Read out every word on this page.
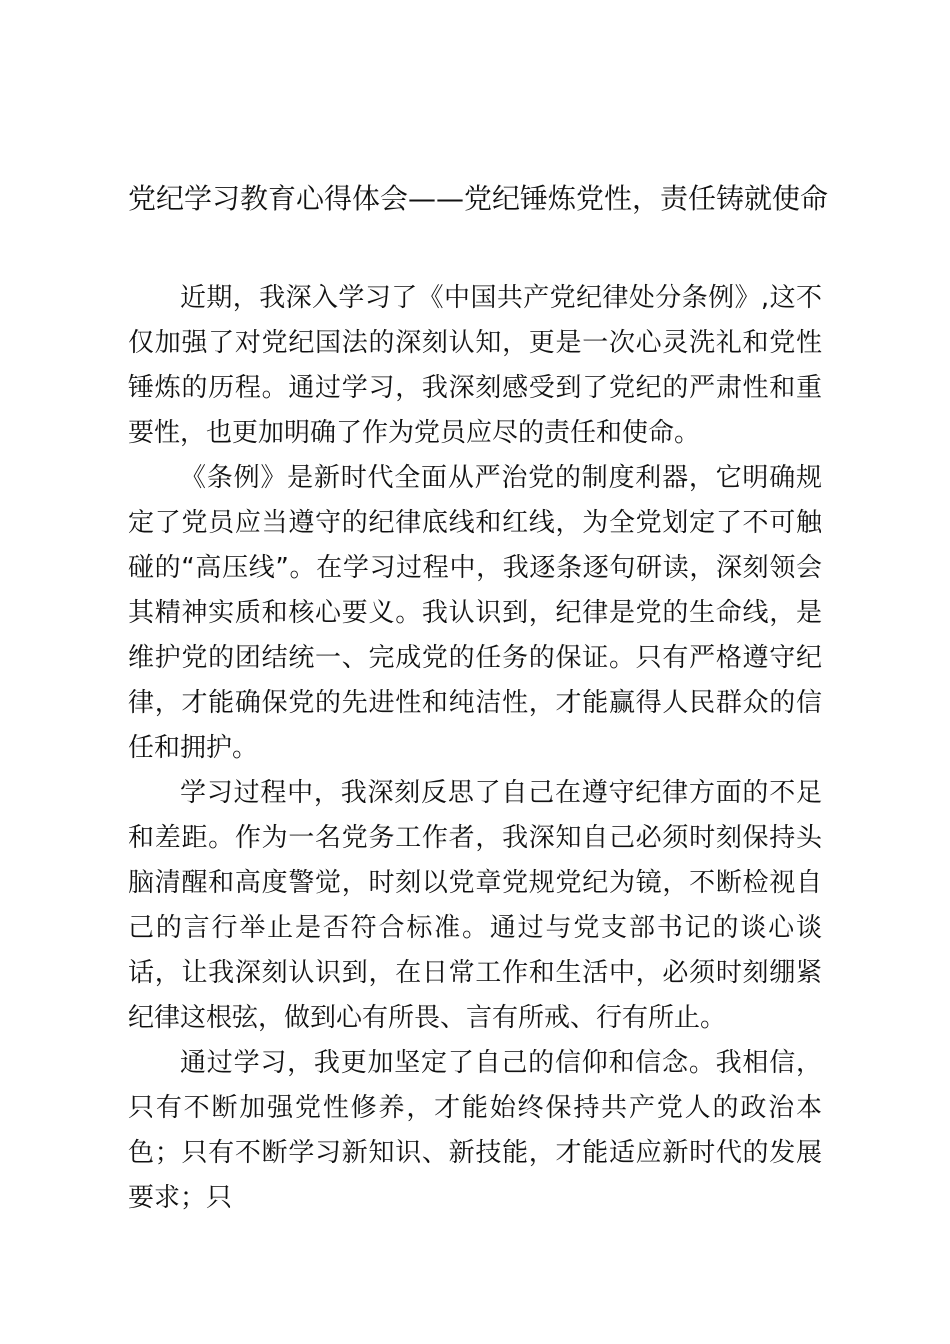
党纪学习教育心得体会——党纪锤炼党性，责任铸就使命

近期，我深入学习了《中国共产党纪律处分条例》,这不仅加强了对党纪国法的深刻认知，更是一次心灵洗礼和党性锤炼的历程。通过学习，我深刻感受到了党纪的严肃性和重要性，也更加明确了作为党员应尽的责任和使命。

《条例》是新时代全面从严治党的制度利器，它明确规定了党员应当遵守的纪律底线和红线，为全党划定了不可触碰的“高压线”。在学习过程中，我逐条逐句研读，深刻领会其精神实质和核心要义。我认识到，纪律是党的生命线，是维护党的团结统一、完成党的任务的保证。只有严格遵守纪律，才能确保党的先进性和纯洁性，才能赢得人民群众的信任和拥护。

学习过程中，我深刻反思了自己在遵守纪律方面的不足和差距。作为一名党务工作者，我深知自己必须时刻保持头脑清醒和高度警觉，时刻以党章党规党纪为镜，不断检视自己的言行举止是否符合标准。通过与党支部书记的谈心谈话，让我深刻认识到，在日常工作和生活中，必须时刻绷紧纪律这根弦，做到心有所畏、言有所戒、行有所止。

通过学习，我更加坚定了自己的信仰和信念。我相信，只有不断加强党性修养，才能始终保持共产党人的政治本色；只有不断学习新知识、新技能，才能适应新时代的发展要求；只
